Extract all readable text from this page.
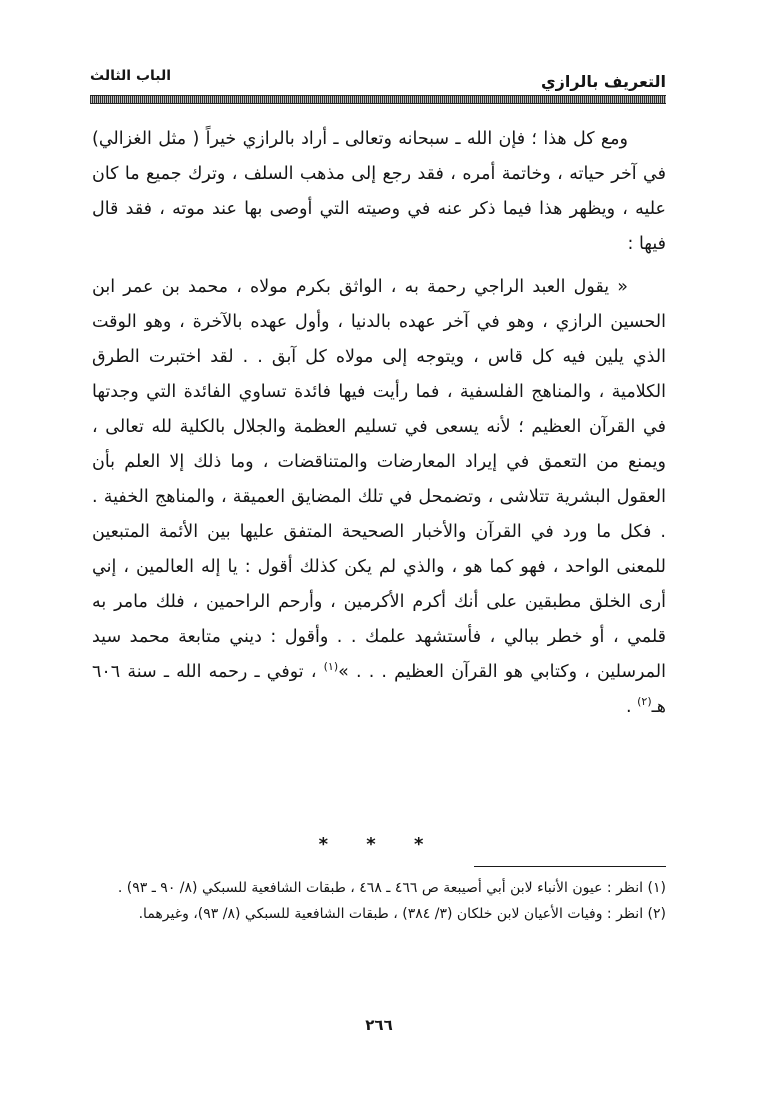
التعريف بالرازي
الباب الثالث

ومع كل هذا ؛ فإن الله ـ سبحانه وتعالى ـ أراد بالرازي خيراً ( مثل الغزالي) في آخر حياته ، وخاتمة أمره ، فقد رجع إلى مذهب السلف ، وترك جميع ما كان عليه ، ويظهر هذا فيما ذكر عنه في وصيته التي أوصى بها عند موته ، فقد قال فيها :

« يقول العبد الراجي رحمة به ، الواثق بكرم مولاه ، محمد بن عمر ابن الحسين الرازي ، وهو في آخر عهده بالدنيا ، وأول عهده بالآخرة ، وهو الوقت الذي يلين فيه كل قاس ، ويتوجه إلى مولاه كل آبق . . لقد اختبرت الطرق الكلامية ، والمناهج الفلسفية ، فما رأيت فيها فائدة تساوي الفائدة التي وجدتها في القرآن العظيم ؛ لأنه يسعى في تسليم العظمة والجلال بالكلية لله تعالى ، ويمنع من التعمق في إيراد المعارضات والمتناقضات ، وما ذلك إلا العلم بأن العقول البشرية تتلاشى ، وتضمحل في تلك المضايق العميقة ، والمناهج الخفية . . فكل ما ورد في القرآن والأخبار الصحيحة المتفق عليها بين الأئمة المتبعين للمعنى الواحد ، فهو كما هو ، والذي لم يكن كذلك أقول : يا إله العالمين ، إني أرى الخلق مطبقين على أنك أكرم الأكرمين ، وأرحم الراحمين ، فلك مامر به قلمي ، أو خطر ببالي ، فأستشهد علمك . . وأقول : ديني متابعة محمد سيد المرسلين ، وكتابي هو القرآن العظيم . . . »$^{(١)}$ ، توفي ـ رحمه الله ـ سنة ٦٠٦ هـ$^{(٢)}$ .

* * *

(١) انظر : عيون الأنباء لابن أبي أصيبعة ص ٤٦٦ ـ ٤٦٨ ، طبقات الشافعية للسبكي (٨/ ٩٠ ـ ٩٣) .

(٢) انظر : وفيات الأعيان لابن خلكان (٣/ ٣٨٤) ، طبقات الشافعية للسبكي (٨/ ٩٣)، وغيرهما.

٢٦٦
